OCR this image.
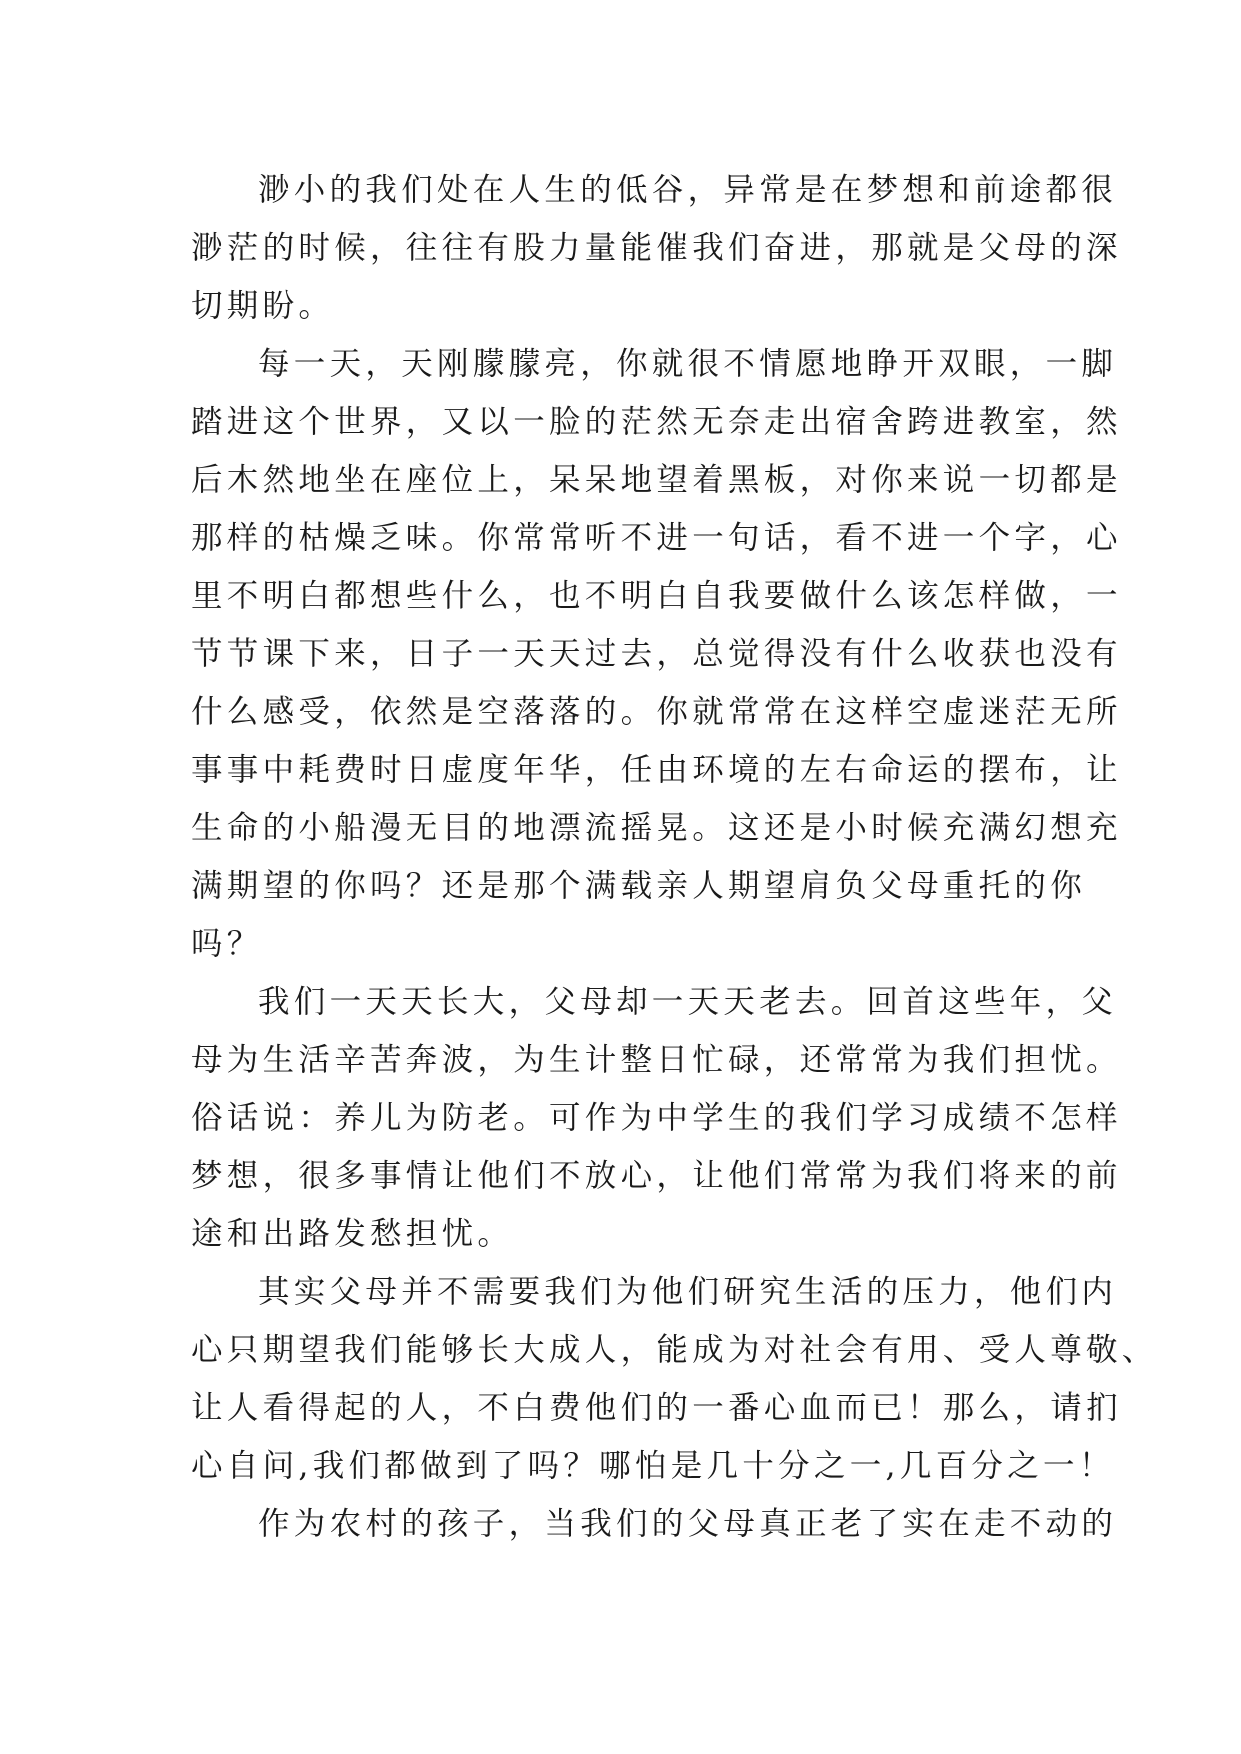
渺小的我们处在人生的低谷，异常是在梦想和前途都很
渺茫的时候，往往有股力量能催我们奋进，那就是父母的深
切期盼。
每一天，天刚朦朦亮，你就很不情愿地睁开双眼，一脚
踏进这个世界，又以一脸的茫然无奈走出宿舍跨进教室，然
后木然地坐在座位上，呆呆地望着黑板，对你来说一切都是
那样的枯燥乏味。你常常听不进一句话，看不进一个字，心
里不明白都想些什么，也不明白自我要做什么该怎样做，一
节节课下来，日子一天天过去，总觉得没有什么收获也没有
什么感受，依然是空落落的。你就常常在这样空虚迷茫无所
事事中耗费时日虚度年华，任由环境的左右命运的摆布，让
生命的小船漫无目的地漂流摇晃。这还是小时候充满幻想充
满期望的你吗？还是那个满载亲人期望肩负父母重托的你
吗？
我们一天天长大，父母却一天天老去。回首这些年，父
母为生活辛苦奔波，为生计整日忙碌，还常常为我们担忧。
俗话说：养儿为防老。可作为中学生的我们学习成绩不怎样
梦想，很多事情让他们不放心，让他们常常为我们将来的前
途和出路发愁担忧。
其实父母并不需要我们为他们研究生活的压力，他们内
心只期望我们能够长大成人，能成为对社会有用、受人尊敬、
让人看得起的人，不白费他们的一番心血而已！那么，请扪
心自问,我们都做到了吗？哪怕是几十分之一,几百分之一！
作为农村的孩子，当我们的父母真正老了实在走不动的
